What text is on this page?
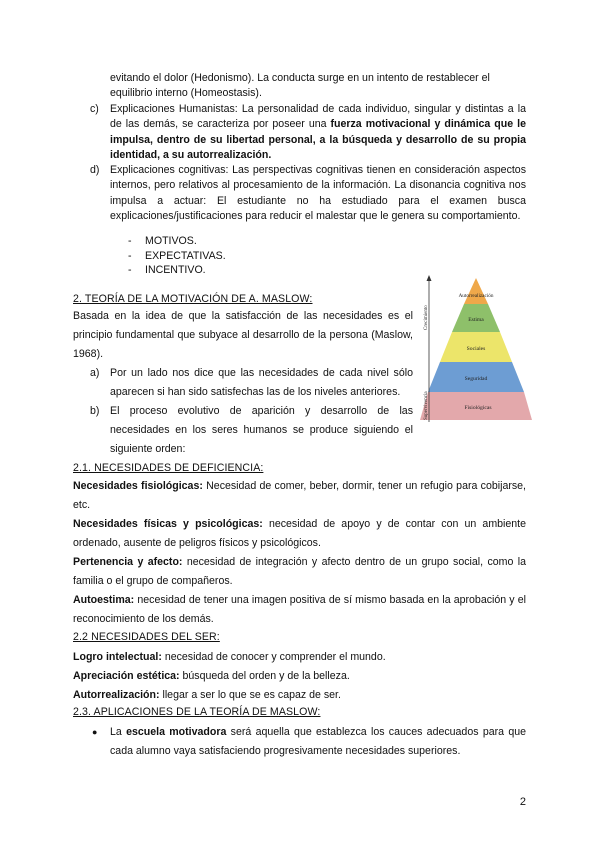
evitando el dolor (Hedonismo). La conducta surge en un intento de restablecer el

equilibrio interno (Homeostasis).

c) Explicaciones Humanistas: La personalidad de cada individuo, singular y distintas a la de las demás, se caracteriza por poseer una fuerza motivacional y dinámica que le impulsa, dentro de su libertad personal, a la búsqueda y desarrollo de su propia identidad, a su autorrealización.

d) Explicaciones cognitivas: Las perspectivas cognitivas tienen en consideración aspectos internos, pero relativos al procesamiento de la información. La disonancia cognitiva nos impulsa a actuar: El estudiante no ha estudiado para el examen busca explicaciones/justificaciones para reducir el malestar que le genera su comportamiento.

- MOTIVOS.
- EXPECTATIVAS.
- INCENTIVO.
2. TEORÍA DE LA MOTIVACIÓN DE A. MASLOW:

Basada en la idea de que la satisfacción de las necesidades es el principio fundamental que subyace al desarrollo de la persona (Maslow, 1968).

a) Por un lado nos dice que las necesidades de cada nivel sólo aparecen si han sido satisfechas las de los niveles anteriores.

b) El proceso evolutivo de aparición y desarrollo de las necesidades en los seres humanos se produce siguiendo el siguiente orden:

Crecimiento
Supervivencia
Autorrealización
Estima
Sociales
Seguridad
Fisiológicas
2.1. NECESIDADES DE DEFICIENCIA:

Necesidades fisiológicas: Necesidad de comer, beber, dormir, tener un refugio para cobijarse, etc.

Necesidades físicas y psicológicas: necesidad de apoyo y de contar con un ambiente ordenado, ausente de peligros físicos y psicológicos.

Pertenencia y afecto: necesidad de integración y afecto dentro de un grupo social, como la familia o el grupo de compañeros.

Autoestima: necesidad de tener una imagen positiva de sí mismo basada en la aprobación y el reconocimiento de los demás.

2.2 NECESIDADES DEL SER:

Logro intelectual: necesidad de conocer y comprender el mundo.

Apreciación estética: búsqueda del orden y de la belleza.

Autorrealización: llegar a ser lo que se es capaz de ser.

2.3. APLICACIONES DE LA TEORÍA DE MASLOW:
● La escuela motivadora será aquella que establezca los cauces adecuados para que cada alumno vaya satisfaciendo progresivamente necesidades superiores.

2
